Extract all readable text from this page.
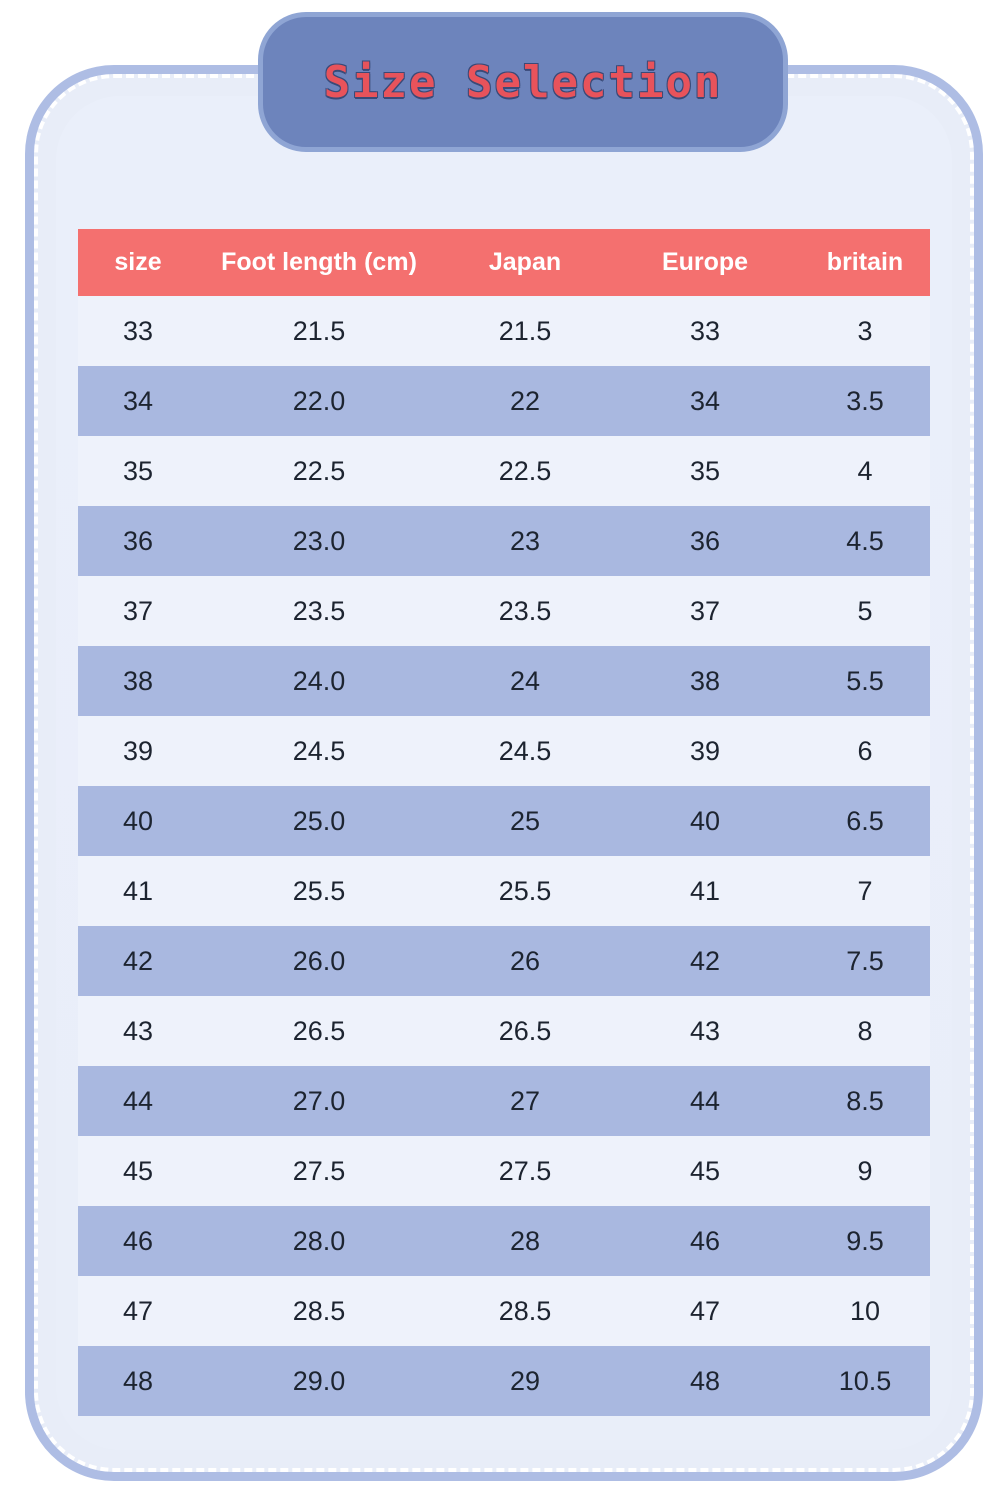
Size Selection
size	Foot length (cm)	Japan	Europe	britain
33	21.5	21.5	33	3
34	22.0	22	34	3.5
35	22.5	22.5	35	4
36	23.0	23	36	4.5
37	23.5	23.5	37	5
38	24.0	24	38	5.5
39	24.5	24.5	39	6
40	25.0	25	40	6.5
41	25.5	25.5	41	7
42	26.0	26	42	7.5
43	26.5	26.5	43	8
44	27.0	27	44	8.5
45	27.5	27.5	45	9
46	28.0	28	46	9.5
47	28.5	28.5	47	10
48	29.0	29	48	10.5
